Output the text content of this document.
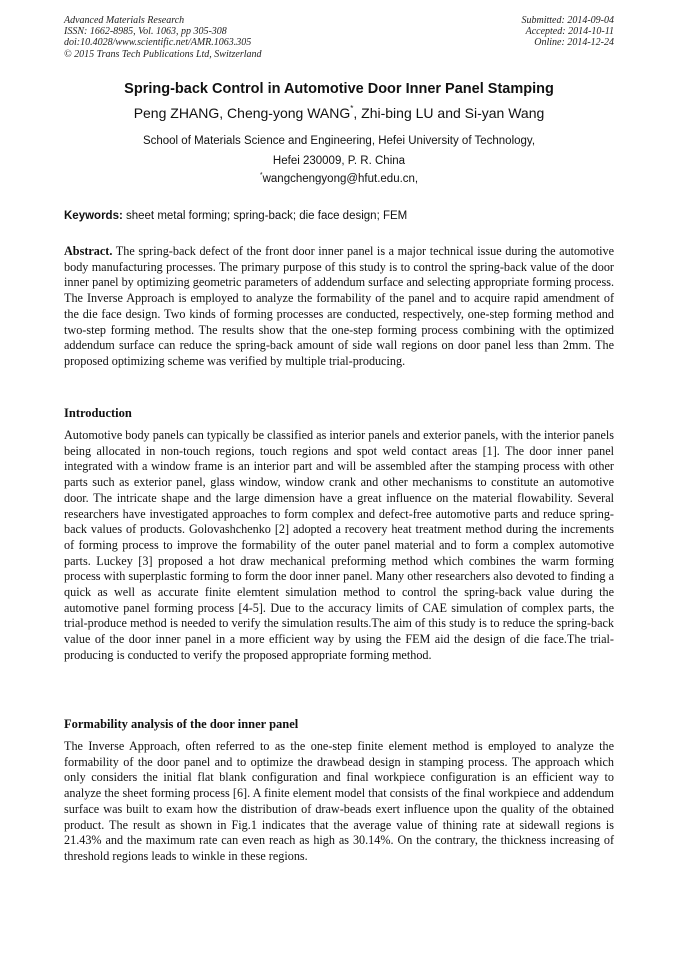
Advanced Materials Research
ISSN: 1662-8985, Vol. 1063, pp 305-308
doi:10.4028/www.scientific.net/AMR.1063.305
© 2015 Trans Tech Publications Ltd, Switzerland
Submitted: 2014-09-04
Accepted: 2014-10-11
Online: 2014-12-24
Spring-back Control in Automotive Door Inner Panel Stamping
Peng ZHANG, Cheng-yong WANG*, Zhi-bing LU and Si-yan Wang
School of Materials Science and Engineering, Hefei University of Technology,
Hefei 230009, P. R. China
*wangchengyong@hfut.edu.cn,
Keywords: sheet metal forming; spring-back; die face design; FEM

Abstract. The spring-back defect of the front door inner panel is a major technical issue during the automotive body manufacturing processes. The primary purpose of this study is to control the spring-back value of the door inner panel by optimizing geometric parameters of addendum surface and selecting appropriate forming process. The Inverse Approach is employed to analyze the formability of the panel and to acquire rapid amendment of the die face design. Two kinds of forming processes are conducted, respectively, one-step forming method and two-step forming method. The results show that the one-step forming process combining with the optimized addendum surface can reduce the spring-back amount of side wall regions on door panel less than 2mm. The proposed optimizing scheme was verified by multiple trial-producing.

Introduction

Automotive body panels can typically be classified as interior panels and exterior panels, with the interior panels being allocated in non-touch regions, touch regions and spot weld contact areas [1]. The door inner panel integrated with a window frame is an interior part and will be assembled after the stamping process with other parts such as exterior panel, glass window, window crank and other mechanisms to constitute an automotive door. The intricate shape and the large dimension have a great influence on the material flowability. Several researchers have investigated approaches to form complex and defect-free automotive parts and reduce spring-back values of products. Golovashchenko [2] adopted a recovery heat treatment method during the increments of forming process to improve the formability of the outer panel material and to form a complex automotive parts. Luckey [3] proposed a hot draw mechanical preforming method which combines the warm forming process with superplastic forming to form the door inner panel. Many other researchers also devoted to finding a quick as well as accurate finite elemtent simulation method to control the spring-back value during the automotive panel forming process [4-5]. Due to the accuracy limits of CAE simulation of complex parts, the trial-produce method is needed to verify the simulation results.The aim of this study is to reduce the spring-back value of the door inner panel in a more efficient way by using the FEM aid the design of die face.The trial-producing is conducted to verify the proposed appropriate forming method.

Formability analysis of the door inner panel

The Inverse Approach, often referred to as the one-step finite element method is employed to analyze the formability of the door panel and to optimize the drawbead design in stamping process. The approach which only considers the initial flat blank configuration and final workpiece configuration is an efficient way to analyze the sheet forming process [6]. A finite element model that consists of the final workpiece and addendum surface was built to exam how the distribution of draw-beads exert influence upon the quality of the obtained product. The result as shown in Fig.1 indicates that the average value of thining rate at sidewall regions is 21.43% and the maximum rate can even reach as high as 30.14%. On the contrary, the thickness increasing of threshold regions leads to winkle in these regions.
